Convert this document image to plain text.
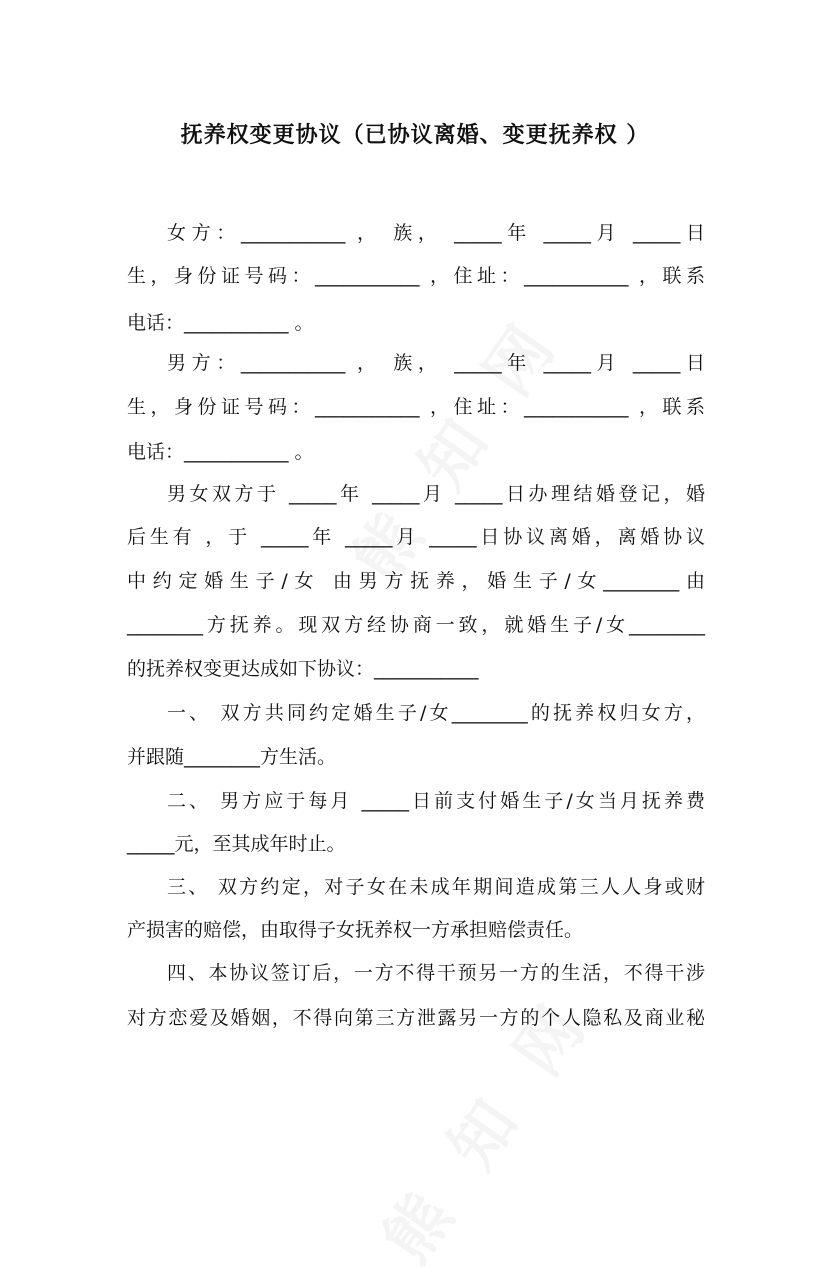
抚养权变更协议（已协议离婚、变更抚养权 ）
女方：___________ ， 族， _____年 _____月 _____日
生，身份证号码：___________ ，住址：___________ ，联系
电话：___________ 。
男方：___________ ， 族， _____年 _____月 _____日
生，身份证号码：___________ ，住址：___________ ，联系
电话：___________ 。
男女双方于 _____年 _____月 _____日办理结婚登记，婚
后生有 ，于 _____年 _____月 _____日协议离婚，离婚协议
中约定婚生子/女 由男方抚养，婚生子/女________由
________方抚养。现双方经协商一致，就婚生子/女________
的抚养权变更达成如下协议：___________
一、 双方共同约定婚生子/女________的抚养权归女方，
并跟随________方生活。
二、 男方应于每月 _____日前支付婚生子/女当月抚养费
_____元，至其成年时止。
三、 双方约定，对子女在未成年期间造成第三人人身或财
产损害的赔偿，由取得子女抚养权一方承担赔偿责任。
四、本协议签订后，一方不得干预另一方的生活，不得干涉
对方恋爱及婚姻，不得向第三方泄露另一方的个人隐私及商业秘
